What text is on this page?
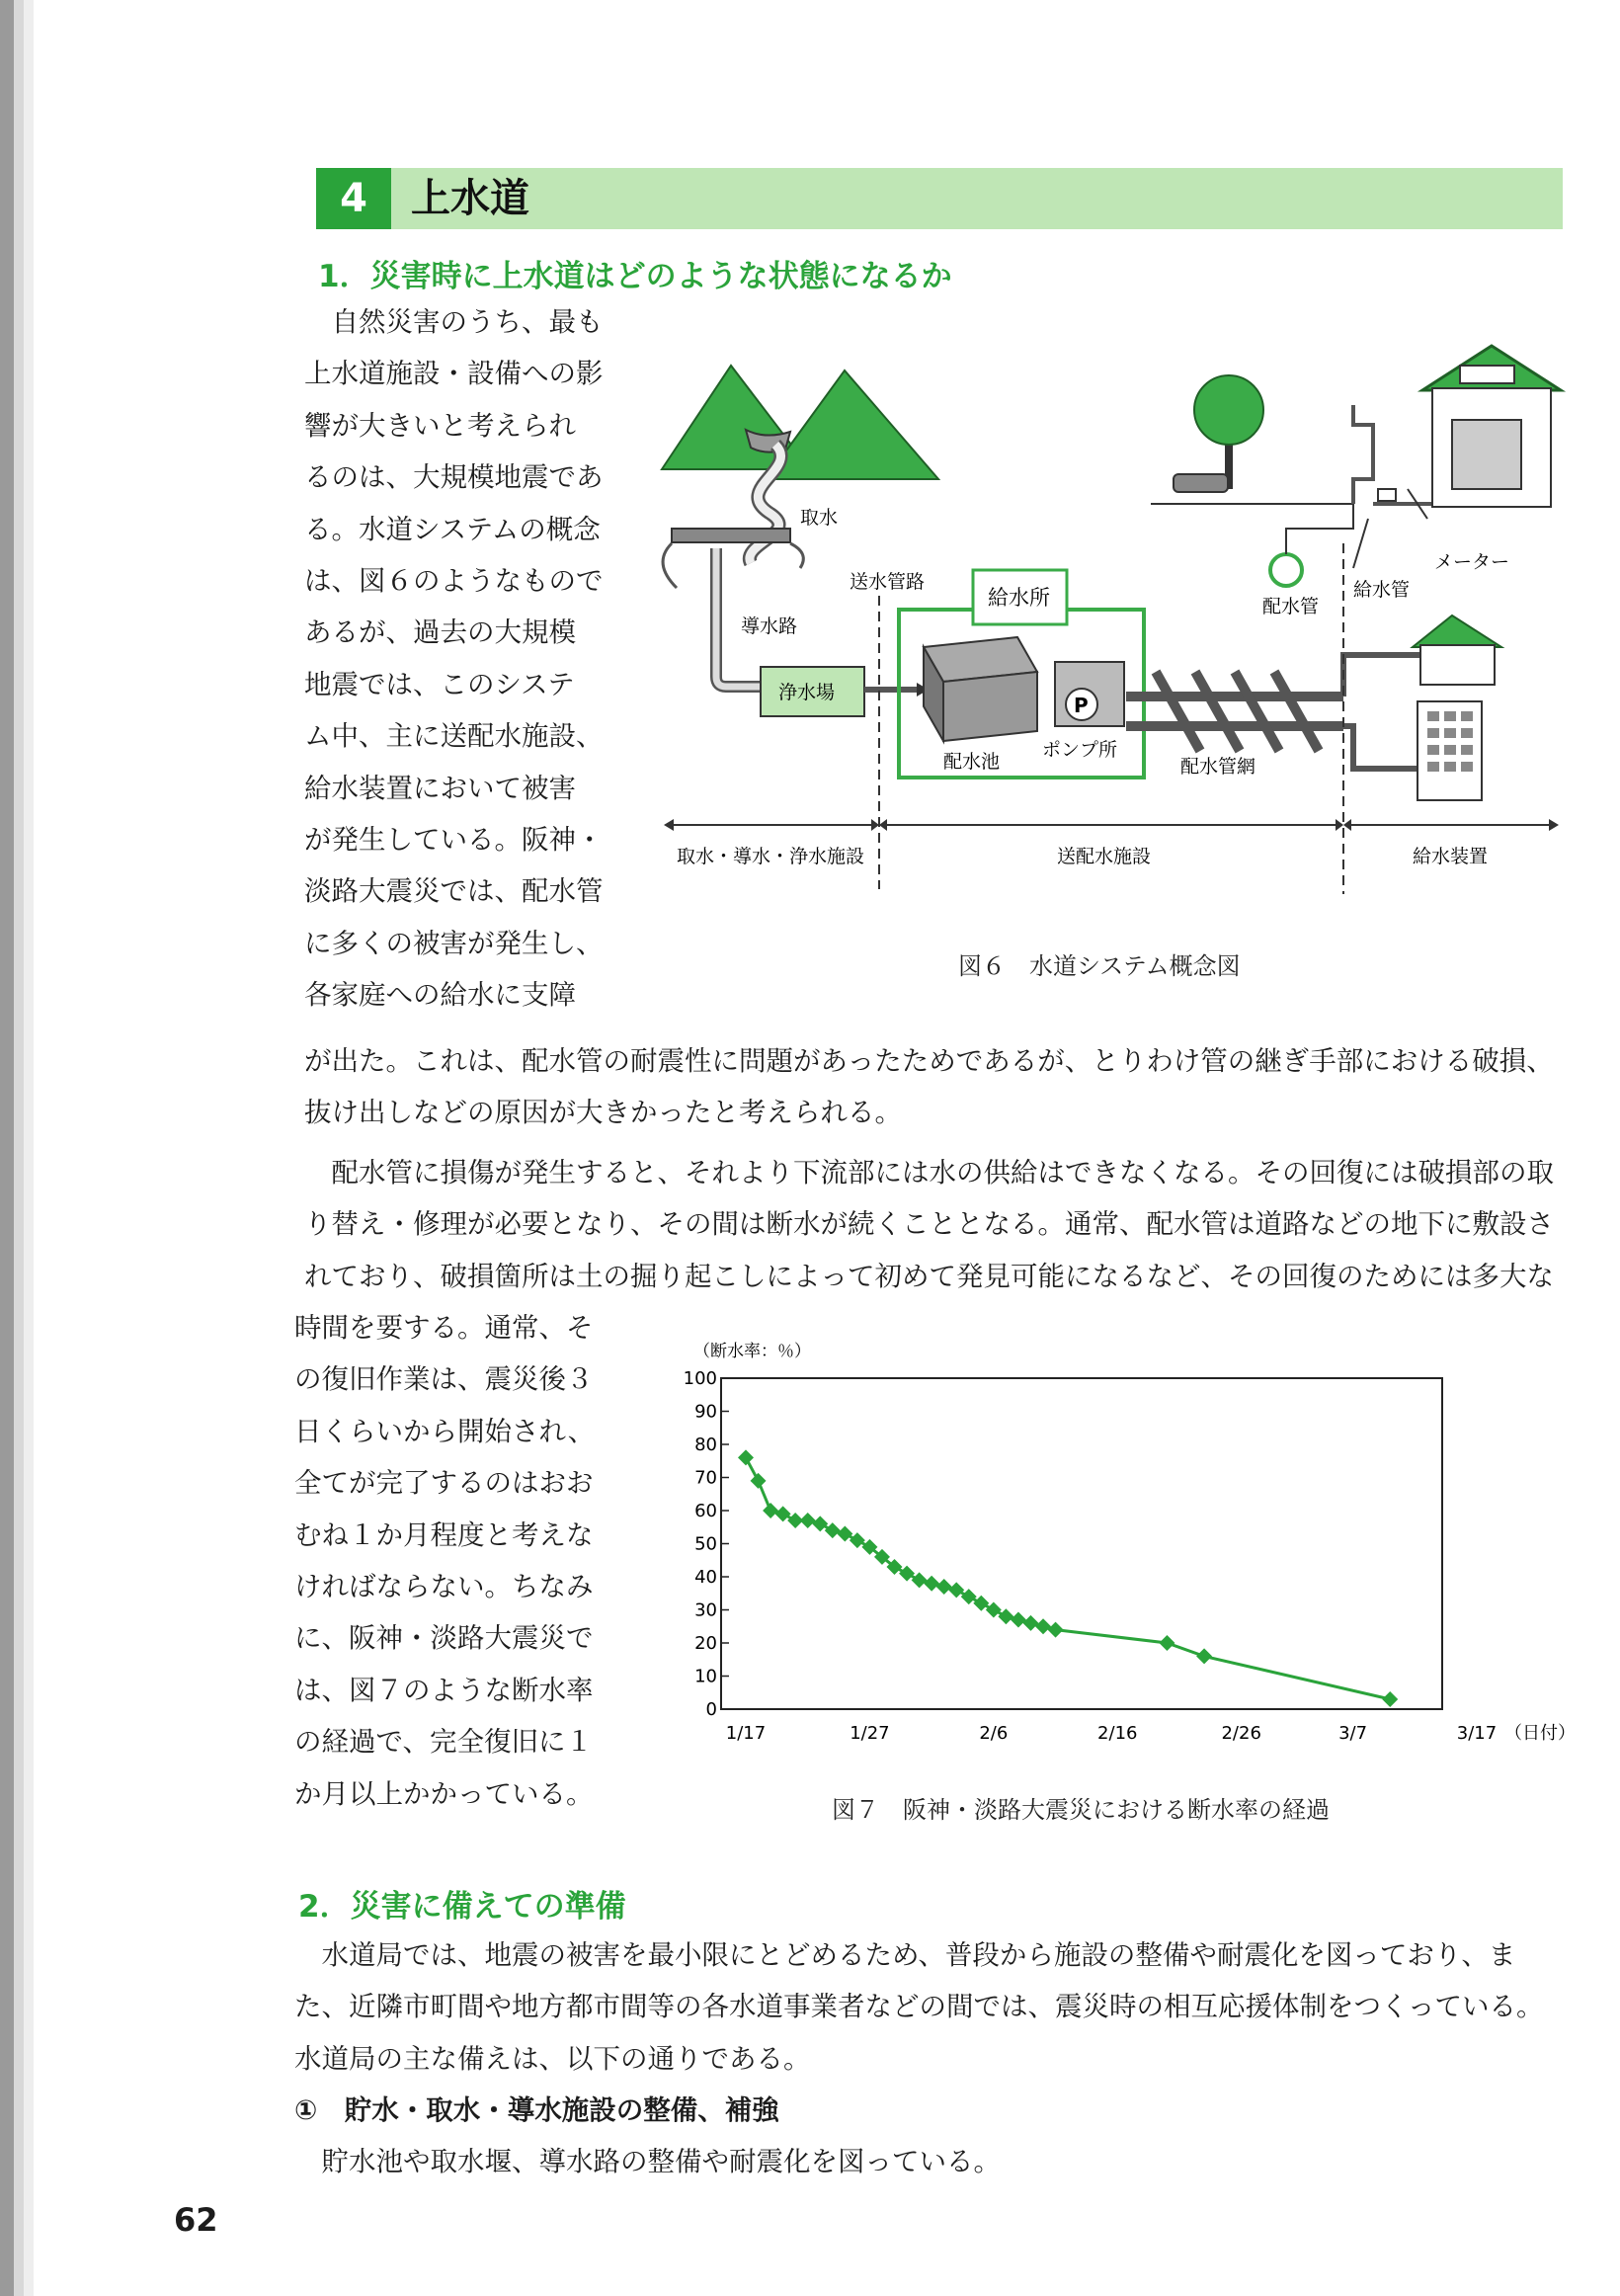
4	上水道
1．災害時に上水道はどのような状態になるか
　自然災害のうち、最も
上水道施設・設備への影
響が大きいと考えられ
るのは、大規模地震であ
る。水道システムの概念
は、図６のようなもので
あるが、過去の大規模
地震では、このシステ
ム中、主に送配水施設、
給水装置において被害
が発生している。阪神・
淡路大震災では、配水管
に多くの被害が発生し、
各家庭への給水に支障
取水
導水路
浄水場
送水管路
給水所
配水池
P
ポンプ所
配水管網
配水管
給水管
メーター
取水・導水・浄水施設	送配水施設	給水装置
図６　水道システム概念図
が出た。これは、配水管の耐震性に問題があったためであるが、とりわけ管の継ぎ手部における破損、
抜け出しなどの原因が大きかったと考えられる。
　配水管に損傷が発生すると、それより下流部には水の供給はできなくなる。その回復には破損部の取
り替え・修理が必要となり、その間は断水が続くこととなる。通常、配水管は道路などの地下に敷設さ
れており、破損箇所は土の掘り起こしによって初めて発見可能になるなど、その回復のためには多大な
時間を要する。通常、そ
の復旧作業は、震災後３
日くらいから開始され、
全てが完了するのはおお
むね１か月程度と考えな
ければならない。ちなみ
に、阪神・淡路大震災で
は、図７のような断水率
の経過で、完全復旧に１
か月以上かかっている。
（断水率：％）
0
10
20
30
40
50
60
70
80
90
100
1/17	1/27	2/6	2/16	2/26	3/7	3/17 （日付）
図７　阪神・淡路大震災における断水率の経過
2．災害に備えての準備
　水道局では、地震の被害を最小限にとどめるため、普段から施設の整備や耐震化を図っており、ま
た、近隣市町間や地方都市間等の各水道事業者などの間では、震災時の相互応援体制をつくっている。
水道局の主な備えは、以下の通りである。
①　貯水・取水・導水施設の整備、補強
　貯水池や取水堰、導水路の整備や耐震化を図っている。
62
